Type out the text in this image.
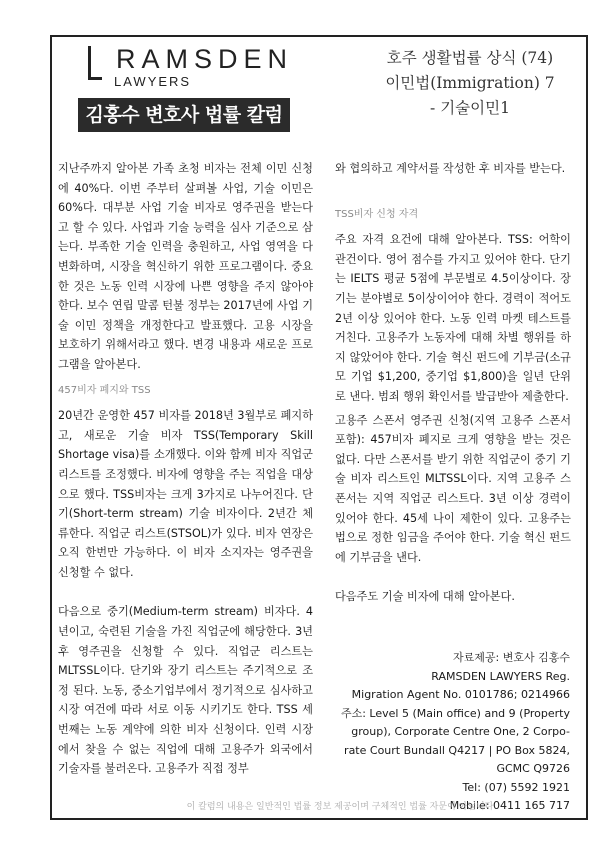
RAMSDEN
LAWYERS
김홍수 변호사 법률 칼럼
호주 생활법률 상식 (74)
이민법(Immigration) 7
- 기술이민1

지난주까지 알아본 가족 초청 비자는 전체 이민 신청에 40%다. 이번 주부터 살펴볼 사업, 기술 이민은 60%다. 대부분 사업 기술 비자로 영주권을 받는다고 할 수 있다. 사업과 기술 능력을 심사 기준으로 삼는다. 부족한 기술 인력을 충원하고, 사업 영역을 다변화하며, 시장을 혁신하기 위한 프로그램이다. 중요한 것은 노동 인력 시장에 나쁜 영향을 주지 않아야 한다. 보수 연립 말콤 턴불 정부는 2017년에 사업 기술 이민 정책을 개정한다고 발표했다. 고용 시장을 보호하기 위해서라고 했다. 변경 내용과 새로운 프로그램을 알아본다.

457비자 폐지와 TSS

20년간 운영한 457 비자를 2018년 3월부로 폐지하고, 새로운 기술 비자 TSS(Temporary Skill Shortage visa)를 소개했다. 이와 함께 비자 직업군 리스트를 조정했다. 비자에 영향을 주는 직업을 대상으로 했다. TSS비자는 크게 3가지로 나누어진다. 단기(Short-term stream) 기술 비자이다. 2년간 체류한다. 직업군 리스트(STSOL)가 있다. 비자 연장은 오직 한번만 가능하다. 이 비자 소지자는 영주권을 신청할 수 없다.

다음으로 중기(Medium-term stream) 비자다. 4년이고, 숙련된 기술을 가진 직업군에 해당한다. 3년 후 영주권을 신청할 수 있다. 직업군 리스트는 MLTSSL이다. 단기와 장기 리스트는 주기적으로 조정 된다. 노동, 중소기업부에서 정기적으로 심사하고 시장 여건에 따라 서로 이동 시키기도 한다. TSS 세 번째는 노동 계약에 의한 비자 신청이다. 인력 시장에서 찾을 수 없는 직업에 대해 고용주가 외국에서 기술자를 불러온다. 고용주가 직접 정부

와 협의하고 계약서를 작성한 후 비자를 받는다.

TSS비자 신청 자격

주요 자격 요건에 대해 알아본다. TSS: 어학이 관건이다. 영어 점수를 가지고 있어야 한다. 단기는 IELTS 평균 5점에 부문별로 4.5이상이다. 장기는 분야별로 5이상이어야 한다. 경력이 적어도 2년 이상 있어야 한다. 노동 인력 마켓 테스트를 거친다. 고용주가 노동자에 대해 차별 행위를 하지 않았어야 한다. 기술 혁신 펀드에 기부금(소규모 기업 $1,200, 중기업 $1,800)을 일년 단위로 낸다. 범죄 행위 확인서를 발급받아 제출한다.

고용주 스폰서 영주권 신청(지역 고용주 스폰서 포함): 457비자 폐지로 크게 영향을 받는 것은 없다. 다만 스폰서를 받기 위한 직업군이 중기 기술 비자 리스트인 MLTSSL이다. 지역 고용주 스폰서는 지역 직업군 리스트다. 3년 이상 경력이 있어야 한다. 45세 나이 제한이 있다. 고용주는 법으로 정한 임금을 주어야 한다. 기술 혁신 펀드에 기부금을 낸다.

다음주도 기술 비자에 대해 알아본다.

자료제공: 변호사 김홍수
RAMSDEN LAWYERS Reg.
Migration Agent No. 0101786; 0214966
주소: Level 5 (Main office) and 9 (Property
group), Corporate Centre One, 2 Corpo-
rate Court Bundall Q4217 | PO Box 5824,
GCMC Q9726
Tel: (07) 5592 1921
Mobile: 0411 165 717
이 칼럼의 내용은 일반적인 법률 정보 제공이며 구체적인 법률 자문이 아닙니다
